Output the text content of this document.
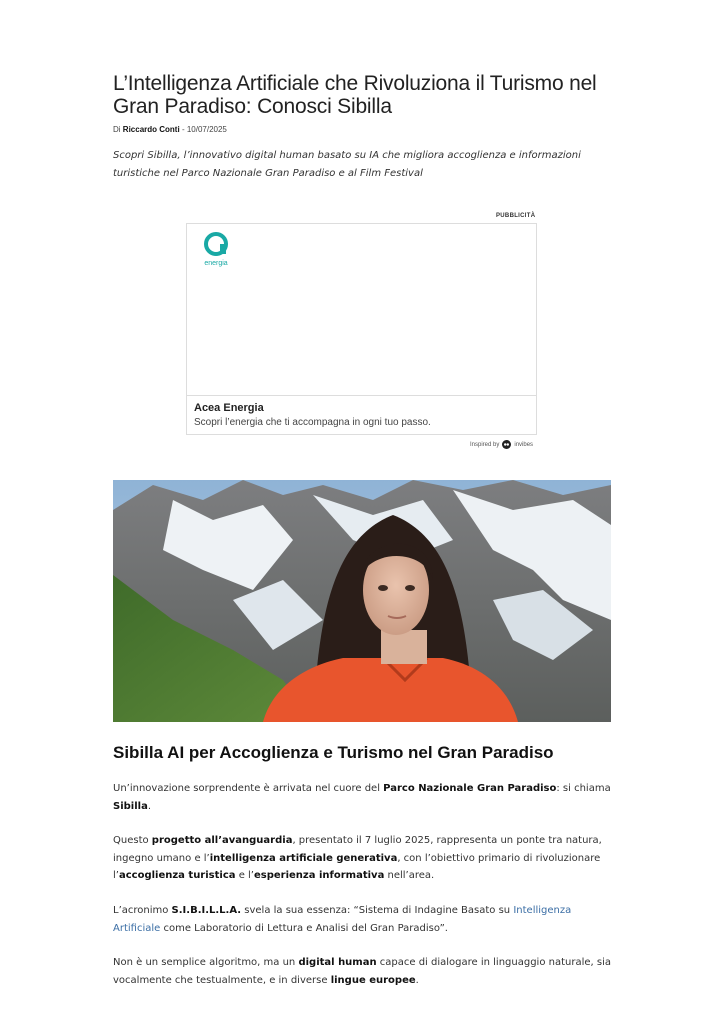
L’Intelligenza Artificiale che Rivoluziona il Turismo nel Gran Paradiso: Conosci Sibilla
Di Riccardo Conti - 10/07/2025

Scopri Sibilla, l’innovativo digital human basato su IA che migliora accoglienza e informazioni turistiche nel Parco Nazionale Gran Paradiso e al Film Festival

PUBBLICITÀ
energia
Acea Energia
Scopri l’energia che ti accompagna in ogni tuo passo.
Inspired by	invibes
Sibilla AI per Accoglienza e Turismo nel Gran Paradiso

Un’innovazione sorprendente è arrivata nel cuore del Parco Nazionale Gran Paradiso: si chiama Sibilla.

Questo progetto all’avanguardia, presentato il 7 luglio 2025, rappresenta un ponte tra natura, ingegno umano e l’intelligenza artificiale generativa, con l’obiettivo primario di rivoluzionare l’accoglienza turistica e l’esperienza informativa nell’area.

L’acronimo S.I.B.I.L.L.A. svela la sua essenza: “Sistema di Indagine Basato su Intelligenza Artificiale come Laboratorio di Lettura e Analisi del Gran Paradiso”.

Non è un semplice algoritmo, ma un digital human capace di dialogare in linguaggio naturale, sia vocalmente che testualmente, e in diverse lingue europee.
